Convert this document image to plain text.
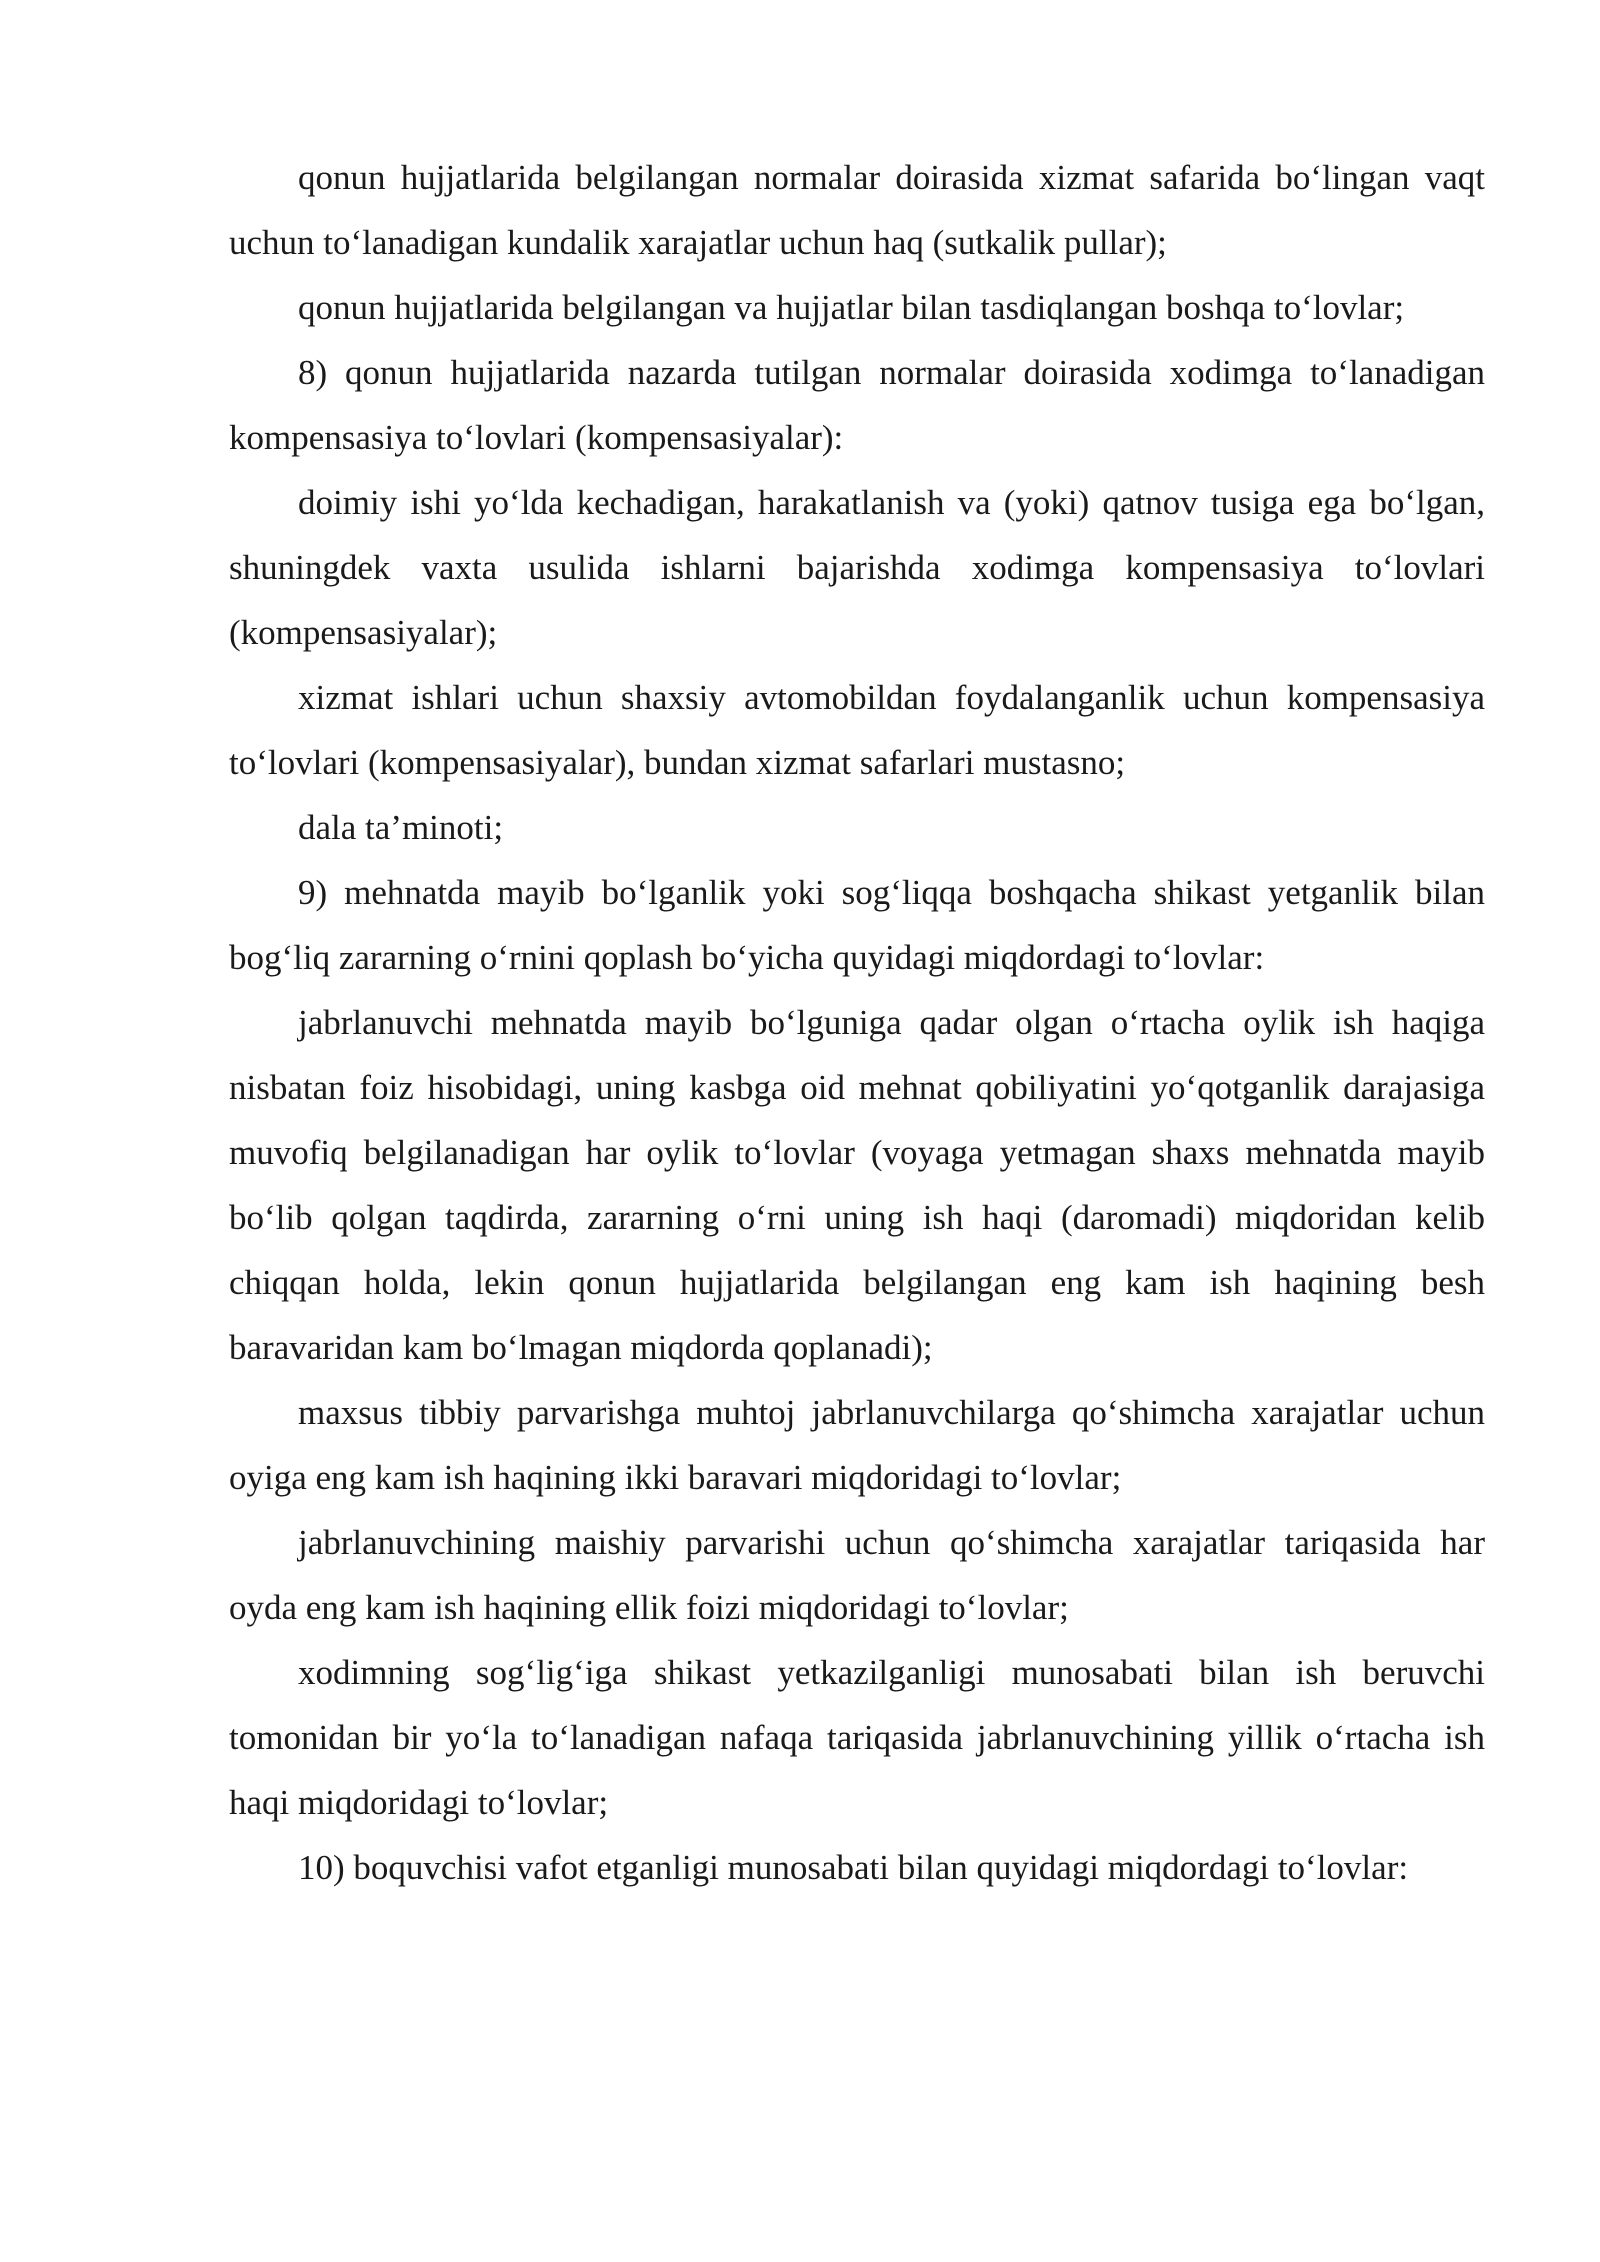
qonun hujjatlarida belgilangan normalar doirasida xizmat safarida bo‘lingan vaqt uchun to‘lanadigan kundalik xarajatlar uchun haq (sutkalik pullar);

qonun hujjatlarida belgilangan va hujjatlar bilan tasdiqlangan boshqa to‘lovlar;

8) qonun hujjatlarida nazarda tutilgan normalar doirasida xodimga to‘lanadigan kompensasiya to‘lovlari (kompensasiyalar):

doimiy ishi yo‘lda kechadigan, harakatlanish va (yoki) qatnov tusiga ega bo‘lgan, shuningdek vaxta usulida ishlarni bajarishda xodimga kompensasiya to‘lovlari (kompensasiyalar);

xizmat ishlari uchun shaxsiy avtomobildan foydalanganlik uchun kompensasiya to‘lovlari (kompensasiyalar), bundan xizmat safarlari mustasno;

dala ta’minoti;

9) mehnatda mayib bo‘lganlik yoki sog‘liqqa boshqacha shikast yetganlik bilan bog‘liq zararning o‘rnini qoplash bo‘yicha quyidagi miqdordagi to‘lovlar:

jabrlanuvchi mehnatda mayib bo‘lguniga qadar olgan o‘rtacha oylik ish haqiga nisbatan foiz hisobidagi, uning kasbga oid mehnat qobiliyatini yo‘qotganlik darajasiga muvofiq belgilanadigan har oylik to‘lovlar (voyaga yetmagan shaxs mehnatda mayib bo‘lib qolgan taqdirda, zararning o‘rni uning ish haqi (daromadi) miqdoridan kelib chiqqan holda, lekin qonun hujjatlarida belgilangan eng kam ish haqining besh baravaridan kam bo‘lmagan miqdorda qoplanadi);

maxsus tibbiy parvarishga muhtoj jabrlanuvchilarga qo‘shimcha xarajatlar uchun oyiga eng kam ish haqining ikki baravari miqdoridagi to‘lovlar;

jabrlanuvchining maishiy parvarishi uchun qo‘shimcha xarajatlar tariqasida har oyda eng kam ish haqining ellik foizi miqdoridagi to‘lovlar;

xodimning sog‘lig‘iga shikast yetkazilganligi munosabati bilan ish beruvchi tomonidan bir yo‘la to‘lanadigan nafaqa tariqasida jabrlanuvchining yillik o‘rtacha ish haqi miqdoridagi to‘lovlar;

10) boquvchisi vafot etganligi munosabati bilan quyidagi miqdordagi to‘lovlar:
